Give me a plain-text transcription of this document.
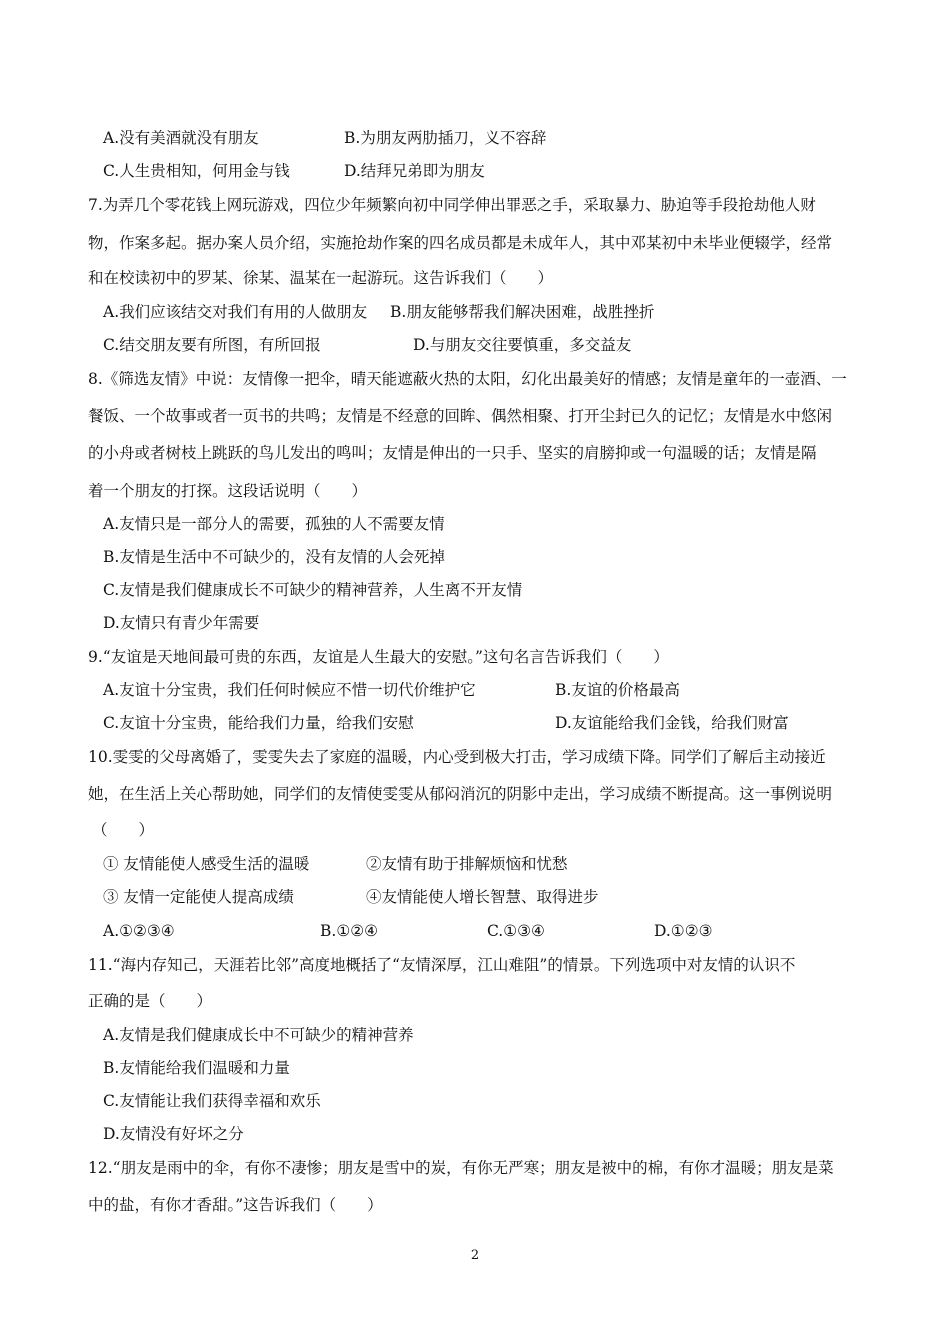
A.没有美酒就没有朋友	B.为朋友两肋插刀，义不容辞
C.人生贵相知，何用金与钱	D.结拜兄弟即为朋友
7.为弄几个零花钱上网玩游戏，四位少年频繁向初中同学伸出罪恶之手，采取暴力、胁迫等手段抢劫他人财
物，作案多起。据办案人员介绍，实施抢劫作案的四名成员都是未成年人，其中邓某初中未毕业便辍学，经常
和在校读初中的罗某、徐某、温某在一起游玩。这告诉我们（　　）
A.我们应该结交对我们有用的人做朋友 B.朋友能够帮我们解决困难，战胜挫折
C.结交朋友要有所图，有所回报	D.与朋友交往要慎重，多交益友
8.《筛选友情》中说：友情像一把伞，晴天能遮蔽火热的太阳，幻化出最美好的情感；友情是童年的一壶酒、一
餐饭、一个故事或者一页书的共鸣；友情是不经意的回眸、偶然相聚、打开尘封已久的记忆；友情是水中悠闲
的小舟或者树枝上跳跃的鸟儿发出的鸣叫；友情是伸出的一只手、坚实的肩膀抑或一句温暖的话；友情是隔
着一个朋友的打探。这段话说明（　　）
A.友情只是一部分人的需要，孤独的人不需要友情
B.友情是生活中不可缺少的，没有友情的人会死掉
C.友情是我们健康成长不可缺少的精神营养，人生离不开友情
D.友情只有青少年需要
9.“友谊是天地间最可贵的东西，友谊是人生最大的安慰。”这句名言告诉我们（　　）
A.友谊十分宝贵，我们任何时候应不惜一切代价维护它	B.友谊的价格最高
C.友谊十分宝贵，能给我们力量，给我们安慰	D.友谊能给我们金钱，给我们财富
10.雯雯的父母离婚了，雯雯失去了家庭的温暖，内心受到极大打击，学习成绩下降。同学们了解后主动接近
她，在生活上关心帮助她，同学们的友情使雯雯从郁闷消沉的阴影中走出，学习成绩不断提高。这一事例说明
（　　）
① 友情能使人感受生活的温暖	②友情有助于排解烦恼和忧愁
③ 友情一定能使人提高成绩	④友情能使人增长智慧、取得进步
A.①②③④	B.①②④	C.①③④	D.①②③
11.“海内存知己，天涯若比邻”高度地概括了“友情深厚，江山难阻”的情景。下列选项中对友情的认识不
正确的是（　　）
A.友情是我们健康成长中不可缺少的精神营养
B.友情能给我们温暖和力量
C.友情能让我们获得幸福和欢乐
D.友情没有好坏之分
12.“朋友是雨中的伞，有你不凄惨；朋友是雪中的炭，有你无严寒；朋友是被中的棉，有你才温暖；朋友是菜
中的盐，有你才香甜。”这告诉我们（　　）
2
